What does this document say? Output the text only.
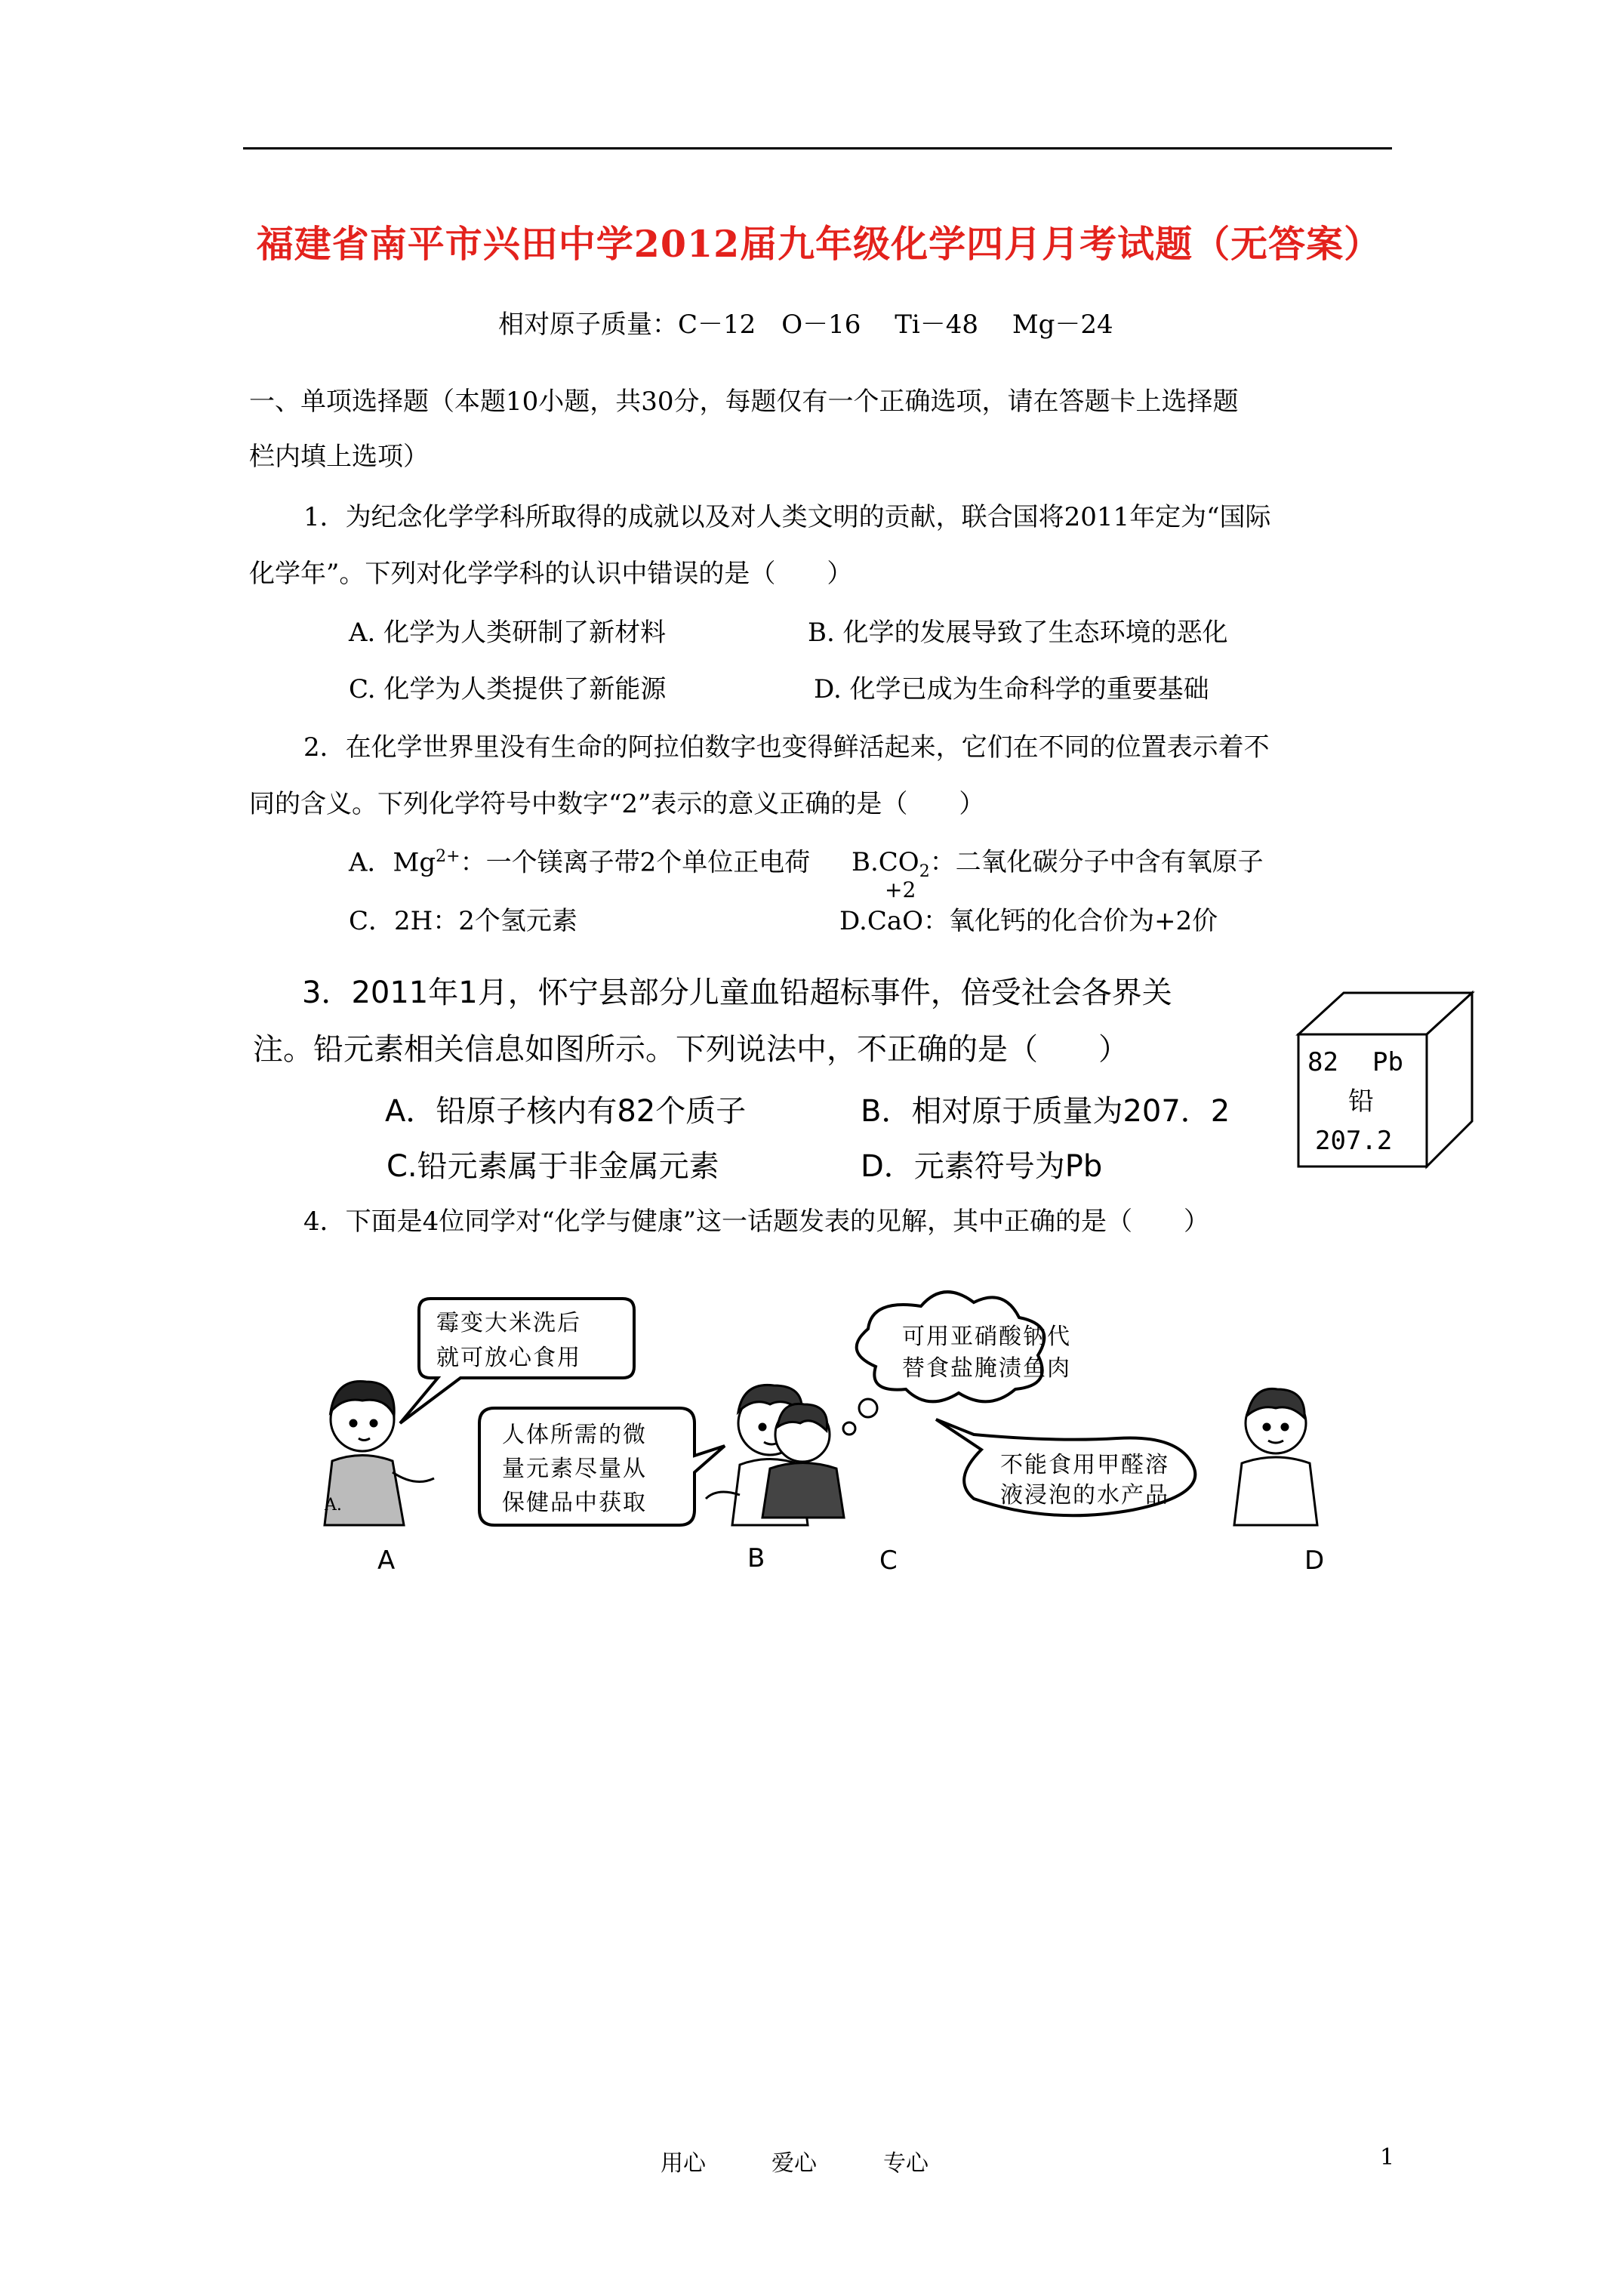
福建省南平市兴田中学2012届九年级化学四月月考试题（无答案）
相对原子质量：C－12　O－16　 Ti－48　 Mg－24
一、单项选择题（本题10小题，共30分，每题仅有一个正确选项，请在答题卡上选择题
栏内填上选项）
1．为纪念化学学科所取得的成就以及对人类文明的贡献，联合国将2011年定为“国际
化学年”。下列对化学学科的认识中错误的是（　　）
A. 化学为人类研制了新材料	B. 化学的发展导致了生态环境的恶化
C. 化学为人类提供了新能源	D. 化学已成为生命科学的重要基础
2．在化学世界里没有生命的阿拉伯数字也变得鲜活起来，它们在不同的位置表示着不
同的含义。下列化学符号中数字“2”表示的意义正确的是（　　）
A．$Mg^{2+}$：一个镁离子带2个单位正电荷 $B.CO_2$：二氧化碳分子中含有氧原子
+2
C．2H：2个氢元素	D.CaO：氧化钙的化合价为+2价
3．2011年1月，怀宁县部分儿童血铅超标事件，倍受社会各界关
注。铅元素相关信息如图所示。下列说法中，不正确的是（　　）
A．铅原子核内有82个质子	B．相对原于质量为207．2
C.铅元素属于非金属元素	D．元素符号为Pb
82 Pb
铅
207.2
4．下面是4位同学对“化学与健康”这一话题发表的见解，其中正确的是（　　）
霉变大米洗后
就可放心食用
人体所需的微
量元素尽量从
保健品中获取
可用亚硝酸钠代
替食盐腌渍鱼肉
不能食用甲醛溶
液浸泡的水产品
A.
A	B	C	D
用心	爱心	专心	1
